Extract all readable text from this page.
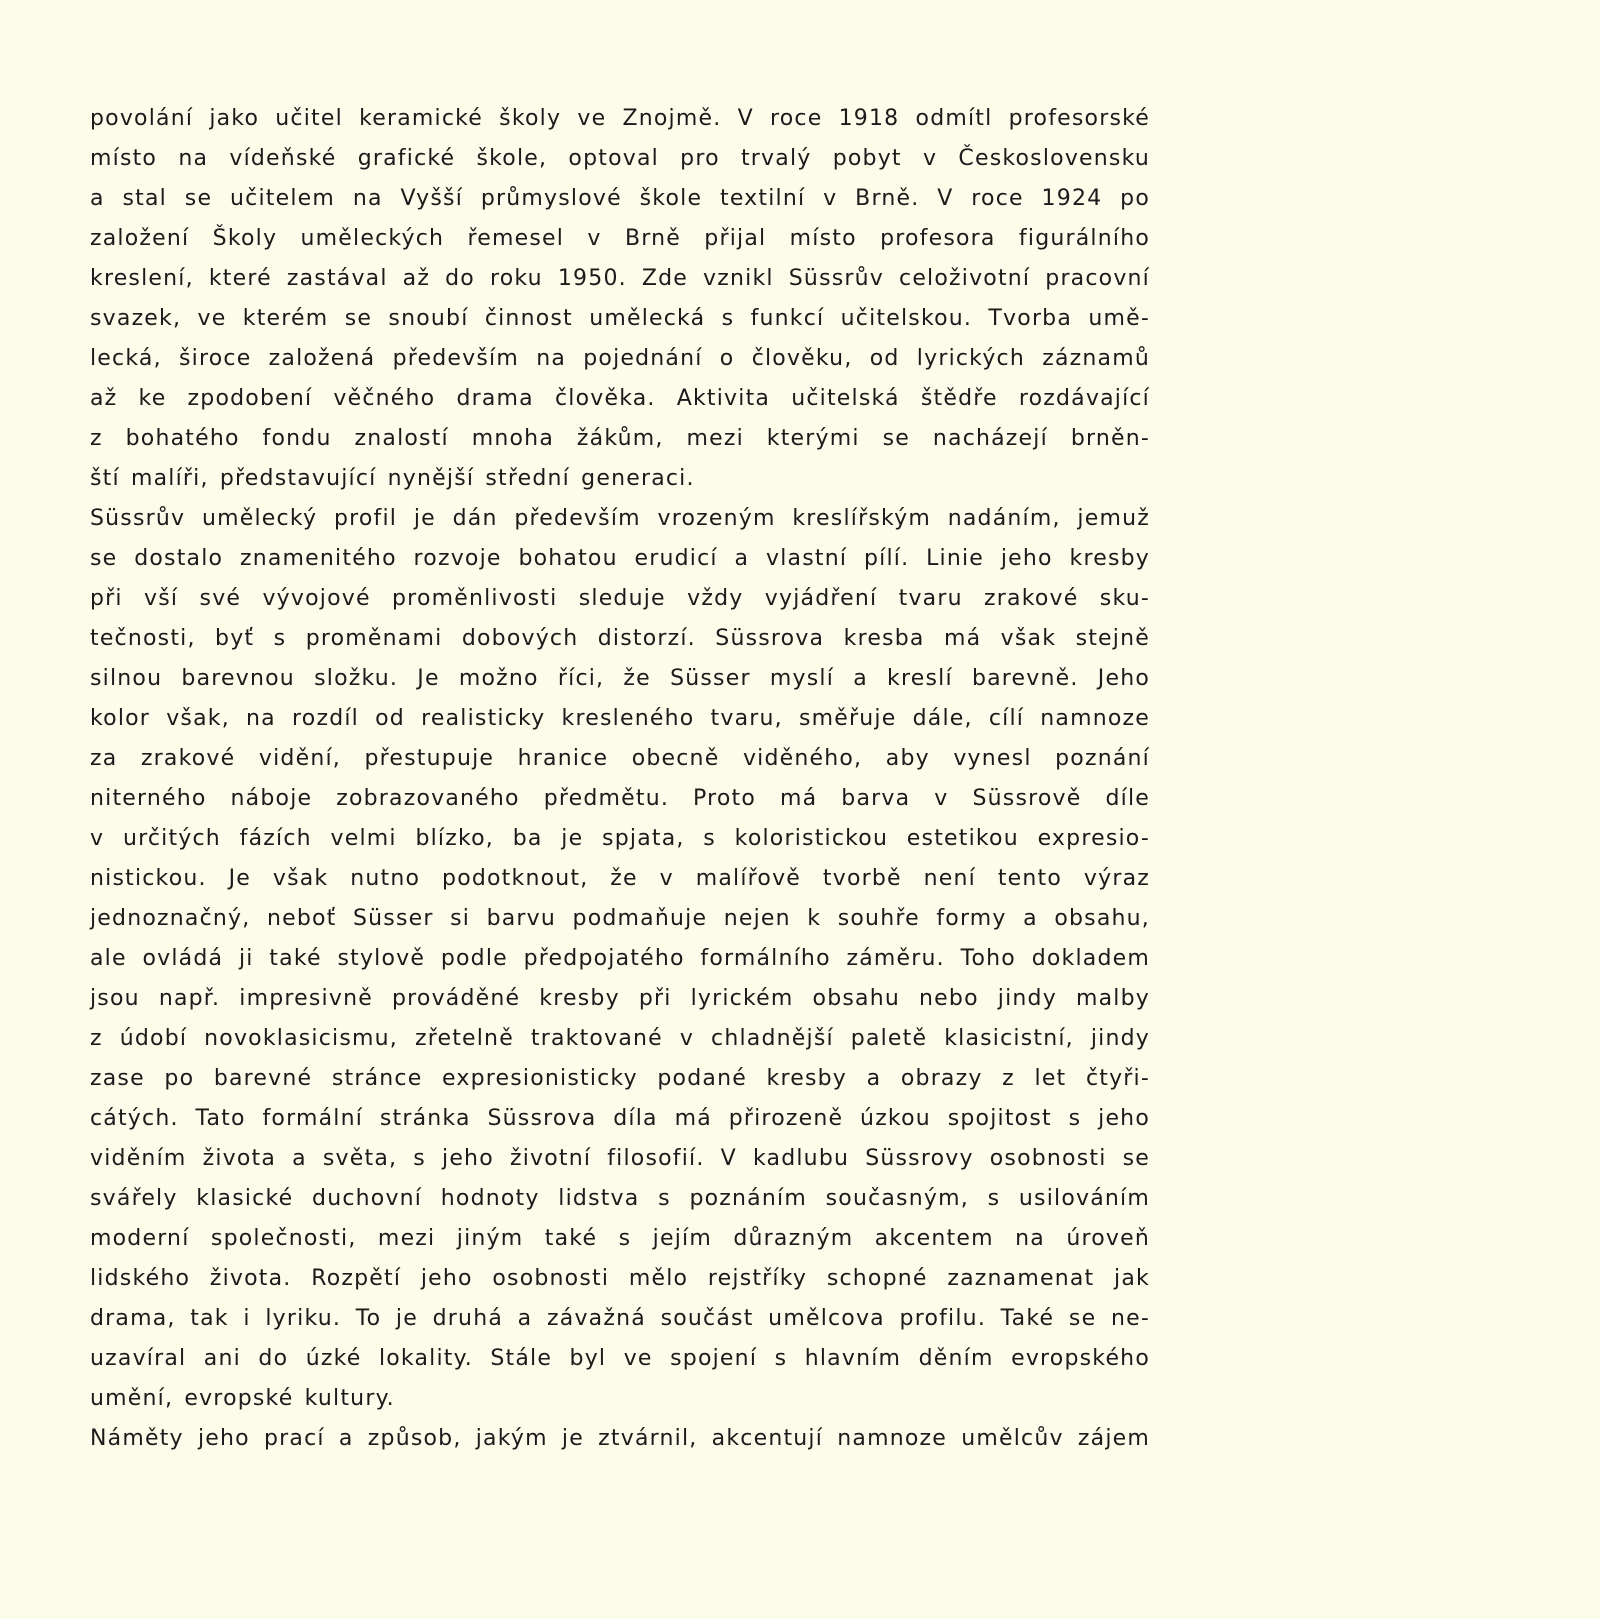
povolání jako učitel keramické školy ve Znojmě. V roce 1918 odmítl profesorské
místo na vídeňské grafické škole, optoval pro trvalý pobyt v Československu
a stal se učitelem na Vyšší průmyslové škole textilní v Brně. V roce 1924 po
založení Školy uměleckých řemesel v Brně přijal místo profesora figurálního
kreslení, které zastával až do roku 1950. Zde vznikl Süssrův celoživotní pracovní
svazek, ve kterém se snoubí činnost umělecká s funkcí učitelskou. Tvorba umě-
lecká, široce založená především na pojednání o člověku, od lyrických záznamů
až ke zpodobení věčného drama člověka. Aktivita učitelská štědře rozdávající
z bohatého fondu znalostí mnoha žákům, mezi kterými se nacházejí brněn-
ští malíři, představující nynější střední generaci.
Süssrův umělecký profil je dán především vrozeným kreslířským nadáním, jemuž
se dostalo znamenitého rozvoje bohatou erudicí a vlastní pílí. Linie jeho kresby
při vší své vývojové proměnlivosti sleduje vždy vyjádření tvaru zrakové sku-
tečnosti, byť s proměnami dobových distorzí. Süssrova kresba má však stejně
silnou barevnou složku. Je možno říci, že Süsser myslí a kreslí barevně. Jeho
kolor však, na rozdíl od realisticky kresleného tvaru, směřuje dále, cílí namnoze
za zrakové vidění, přestupuje hranice obecně viděného, aby vynesl poznání
niterného náboje zobrazovaného předmětu. Proto má barva v Süssrově díle
v určitých fázích velmi blízko, ba je spjata, s koloristickou estetikou expresio-
nistickou. Je však nutno podotknout, že v malířově tvorbě není tento výraz
jednoznačný, neboť Süsser si barvu podmaňuje nejen k souhře formy a obsahu,
ale ovládá ji také stylově podle předpojatého formálního záměru. Toho dokladem
jsou např. impresivně prováděné kresby při lyrickém obsahu nebo jindy malby
z údobí novoklasicismu, zřetelně traktované v chladnější paletě klasicistní, jindy
zase po barevné stránce expresionisticky podané kresby a obrazy z let čtyři-
cátých. Tato formální stránka Süssrova díla má přirozeně úzkou spojitost s jeho
viděním života a světa, s jeho životní filosofií. V kadlubu Süssrovy osobnosti se
svářely klasické duchovní hodnoty lidstva s poznáním současným, s usilováním
moderní společnosti, mezi jiným také s jejím důrazným akcentem na úroveň
lidského života. Rozpětí jeho osobnosti mělo rejstříky schopné zaznamenat jak
drama, tak i lyriku. To je druhá a závažná součást umělcova profilu. Také se ne-
uzavíral ani do úzké lokality. Stále byl ve spojení s hlavním děním evropského
umění, evropské kultury.
Náměty jeho prací a způsob, jakým je ztvárnil, akcentují namnoze umělcův zájem
